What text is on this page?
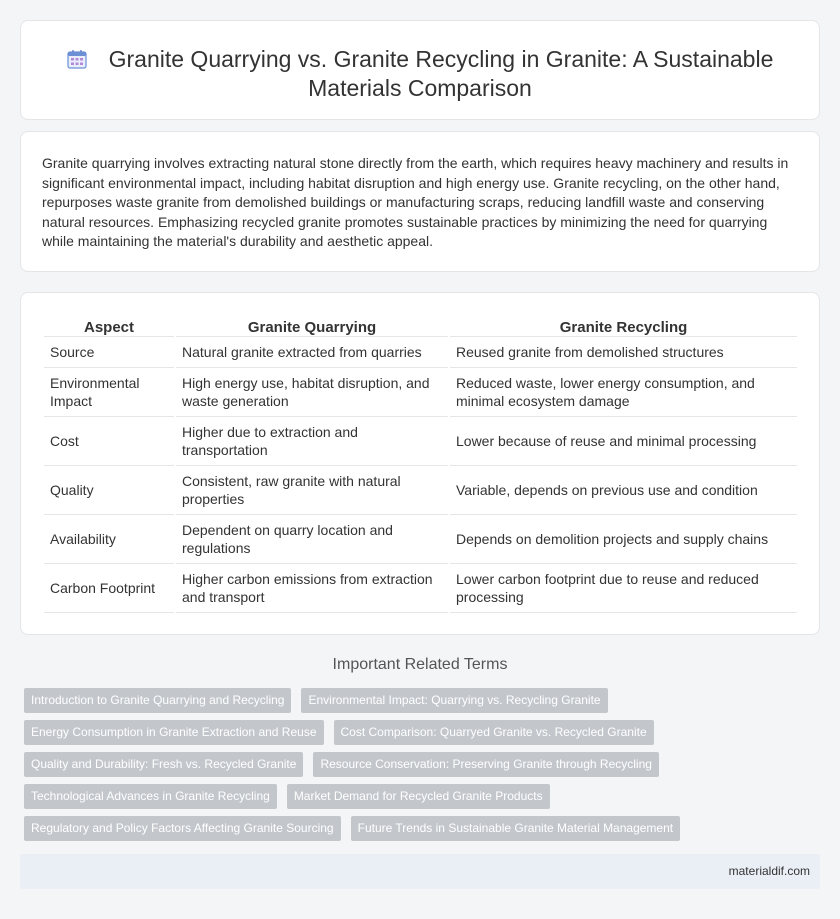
Granite Quarrying vs. Granite Recycling in Granite: A Sustainable Materials Comparison

Granite quarrying involves extracting natural stone directly from the earth, which requires heavy machinery and results in significant environmental impact, including habitat disruption and high energy use. Granite recycling, on the other hand, repurposes waste granite from demolished buildings or manufacturing scraps, reducing landfill waste and conserving natural resources. Emphasizing recycled granite promotes sustainable practices by minimizing the need for quarrying while maintaining the material's durability and aesthetic appeal.

Aspect	Granite Quarrying	Granite Recycling
Source	Natural granite extracted from quarries	Reused granite from demolished structures
Environmental Impact	High energy use, habitat disruption, and waste generation	Reduced waste, lower energy consumption, and minimal ecosystem damage
Cost	Higher due to extraction and transportation	Lower because of reuse and minimal processing
Quality	Consistent, raw granite with natural properties	Variable, depends on previous use and condition
Availability	Dependent on quarry location and regulations	Depends on demolition projects and supply chains
Carbon Footprint	Higher carbon emissions from extraction and transport	Lower carbon footprint due to reuse and reduced processing
Important Related Terms
Introduction to Granite Quarrying and Recycling	Environmental Impact: Quarrying vs. Recycling Granite
Energy Consumption in Granite Extraction and Reuse	Cost Comparison: Quarryed Granite vs. Recycled Granite
Quality and Durability: Fresh vs. Recycled Granite	Resource Conservation: Preserving Granite through Recycling
Technological Advances in Granite Recycling	Market Demand for Recycled Granite Products
Regulatory and Policy Factors Affecting Granite Sourcing	Future Trends in Sustainable Granite Material Management
materialdif.com
